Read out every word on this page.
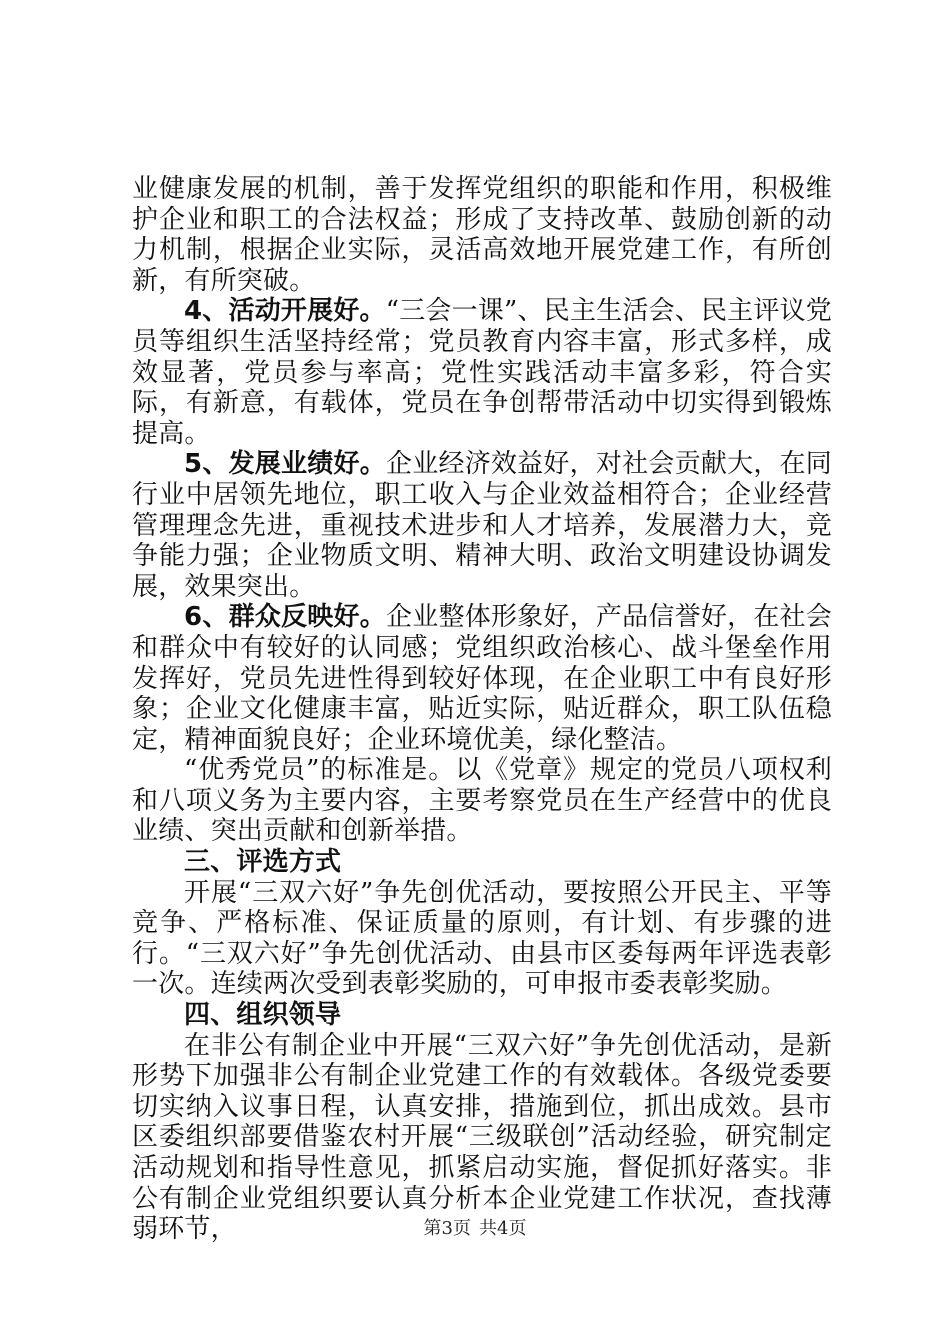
业健康发展的机制，善于发挥党组织的职能和作用，积极维护企业和职工的合法权益；形成了支持改革、鼓励创新的动力机制，根据企业实际，灵活高效地开展党建工作，有所创新，有所突破。

4、活动开展好。“三会一课”、民主生活会、民主评议党员等组织生活坚持经常；党员教育内容丰富，形式多样，成效显著，党员参与率高；党性实践活动丰富多彩，符合实际，有新意，有载体，党员在争创帮带活动中切实得到锻炼提高。

5、发展业绩好。企业经济效益好，对社会贡献大，在同行业中居领先地位，职工收入与企业效益相符合；企业经营管理理念先进，重视技术进步和人才培养，发展潜力大，竞争能力强；企业物质文明、精神大明、政治文明建设协调发展，效果突出。

6、群众反映好。企业整体形象好，产品信誉好，在社会和群众中有较好的认同感；党组织政治核心、战斗堡垒作用发挥好，党员先进性得到较好体现，在企业职工中有良好形象；企业文化健康丰富，贴近实际，贴近群众，职工队伍稳定，精神面貌良好；企业环境优美，绿化整洁。

“优秀党员”的标准是。以《党章》规定的党员八项权利和八项义务为主要内容，主要考察党员在生产经营中的优良业绩、突出贡献和创新举措。

三、评选方式

开展“三双六好”争先创优活动，要按照公开民主、平等竞争、严格标准、保证质量的原则，有计划、有步骤的进行。“三双六好”争先创优活动、由县市区委每两年评选表彰一次。连续两次受到表彰奖励的，可申报市委表彰奖励。

四、组织领导

在非公有制企业中开展“三双六好”争先创优活动，是新形势下加强非公有制企业党建工作的有效载体。各级党委要切实纳入议事日程，认真安排，措施到位，抓出成效。县市区委组织部要借鉴农村开展“三级联创”活动经验，研究制定活动规划和指导性意见，抓紧启动实施，督促抓好落实。非公有制企业党组织要认真分析本企业党建工作状况，查找薄弱环节，	第3页 共4页
